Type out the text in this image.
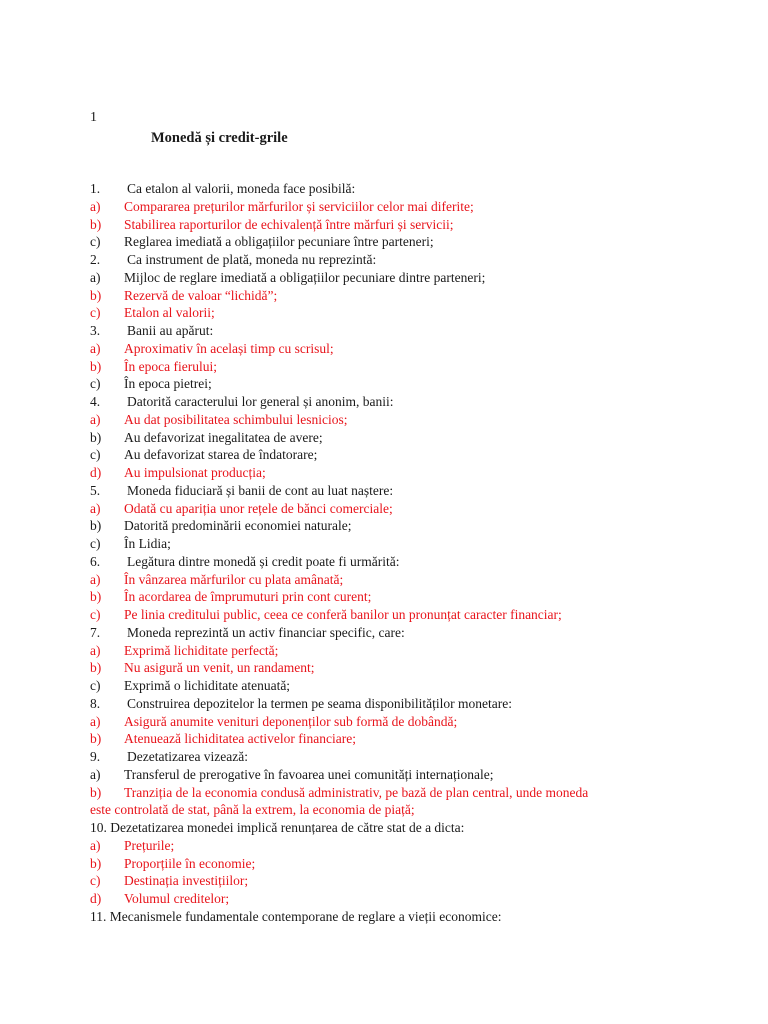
1
Monedă și credit-grile
1. Ca etalon al valorii, moneda face posibilă:
a) Compararea prețurilor mărfurilor și serviciilor celor mai diferite;
b) Stabilirea raporturilor de echivalență între mărfuri și servicii;
c) Reglarea imediată a obligațiilor pecuniare între parteneri;
2. Ca instrument de plată, moneda nu reprezintă:
a) Mijloc de reglare imediată a obligațiilor pecuniare dintre parteneri;
b) Rezervă de valoar “lichidă”;
c) Etalon al valorii;
3. Banii au apărut:
a) Aproximativ în același timp cu scrisul;
b) În epoca fierului;
c) În epoca pietrei;
4. Datorită caracterului lor general și anonim, banii:
a) Au dat posibilitatea schimbului lesnicios;
b) Au defavorizat inegalitatea de avere;
c) Au defavorizat starea de îndatorare;
d) Au impulsionat producția;
5. Moneda fiduciară și banii de cont au luat naștere:
a) Odată cu apariția unor rețele de bănci comerciale;
b) Datorită predominării economiei naturale;
c) În Lidia;
6. Legătura dintre monedă și credit poate fi urmărită:
a) În vânzarea mărfurilor cu plata amânată;
b) În acordarea de împrumuturi prin cont curent;
c) Pe linia creditului public, ceea ce conferă banilor un pronunțat caracter financiar;
7. Moneda reprezintă un activ financiar specific, care:
a) Exprimă lichiditate perfectă;
b) Nu asigură un venit, un randament;
c) Exprimă o lichiditate atenuată;
8. Construirea depozitelor la termen pe seama disponibilităților monetare:
a) Asigură anumite venituri deponenților sub formă de dobândă;
b) Atenuează lichiditatea activelor financiare;
9. Dezetatizarea vizează:
a) Transferul de prerogative în favoarea unei comunități internaționale;
b) Tranziția de la economia condusă administrativ, pe bază de plan central, unde moneda
este controlată de stat, până la extrem, la economia de piață;
10. Dezetatizarea monedei implică renunțarea de către stat de a dicta:
a) Prețurile;
b) Proporțiile în economie;
c) Destinația investițiilor;
d) Volumul creditelor;
11. Mecanismele fundamentale contemporane de reglare a vieții economice:
